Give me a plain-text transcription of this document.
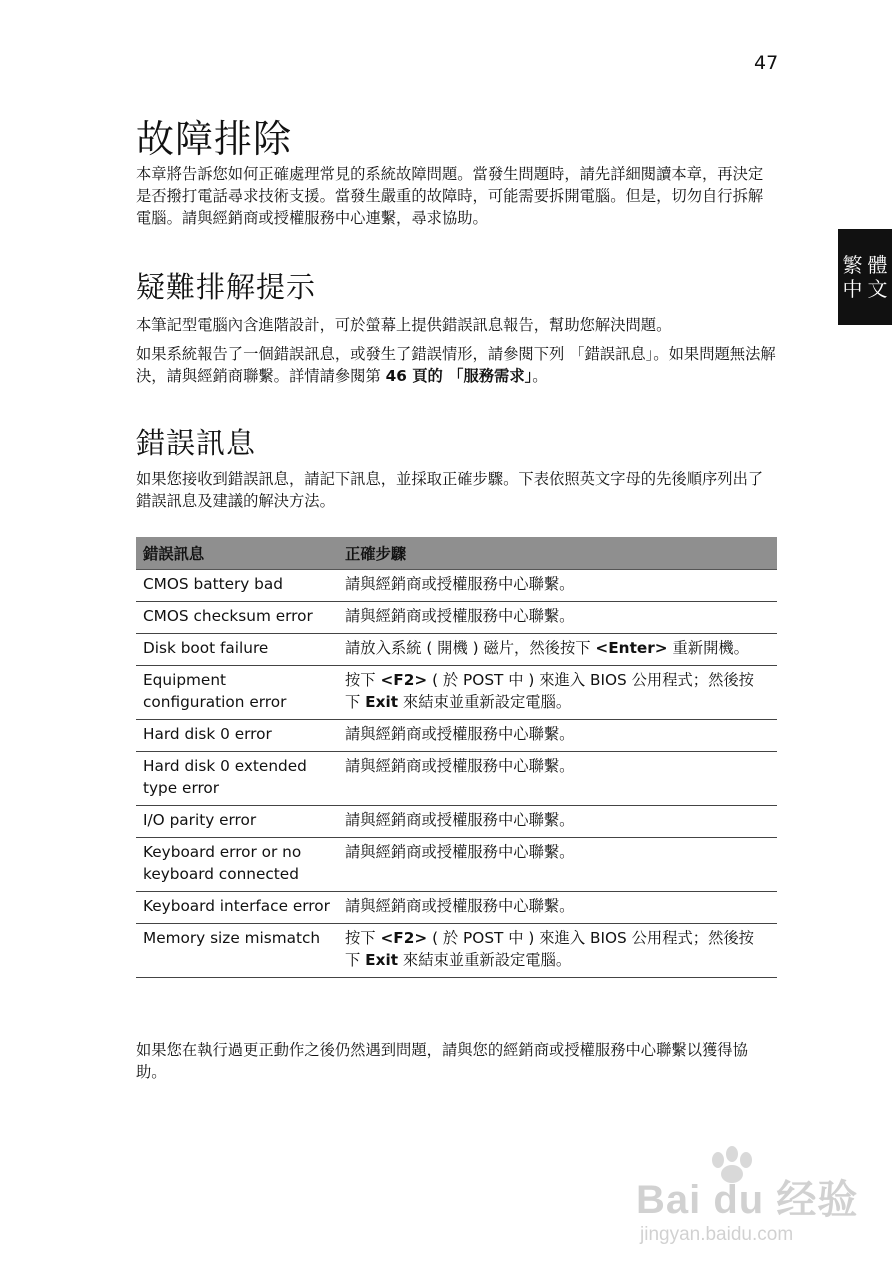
47
繁 體
中 文
故障排除

本章將告訴您如何正確處理常見的系統故障問題。當發生問題時，請先詳細閱讀本章，再決定是否撥打電話尋求技術支援。當發生嚴重的故障時，可能需要拆開電腦。但是，切勿自行拆解電腦。請與經銷商或授權服務中心連繫，尋求協助。

疑難排解提示

本筆記型電腦內含進階設計，可於螢幕上提供錯誤訊息報告，幫助您解決問題。

如果系統報告了一個錯誤訊息，或發生了錯誤情形，請參閱下列 「錯誤訊息」。如果問題無法解決，請與經銷商聯繫。詳情請參閱第 46 頁的 「服務需求」。

錯誤訊息

如果您接收到錯誤訊息，請記下訊息，並採取正確步驟。下表依照英文字母的先後順序列出了錯誤訊息及建議的解決方法。

錯誤訊息	正確步驟
CMOS battery bad	請與經銷商或授權服務中心聯繫。
CMOS checksum error	請與經銷商或授權服務中心聯繫。
Disk boot failure	請放入系統 ( 開機 ) 磁片，然後按下 <Enter> 重新開機。
Equipment configuration error	按下 <F2> ( 於 POST 中 ) 來進入 BIOS 公用程式；然後按下 Exit 來結束並重新設定電腦。
Hard disk 0 error	請與經銷商或授權服務中心聯繫。
Hard disk 0 extended type error	請與經銷商或授權服務中心聯繫。
I/O parity error	請與經銷商或授權服務中心聯繫。
Keyboard error or no keyboard connected	請與經銷商或授權服務中心聯繫。
Keyboard interface error	請與經銷商或授權服務中心聯繫。
Memory size mismatch	按下 <F2> ( 於 POST 中 ) 來進入 BIOS 公用程式；然後按下 Exit 來結束並重新設定電腦。

如果您在執行過更正動作之後仍然遇到問題，請與您的經銷商或授權服務中心聯繫以獲得協助。

Bai du 经验
jingyan.baidu.com
